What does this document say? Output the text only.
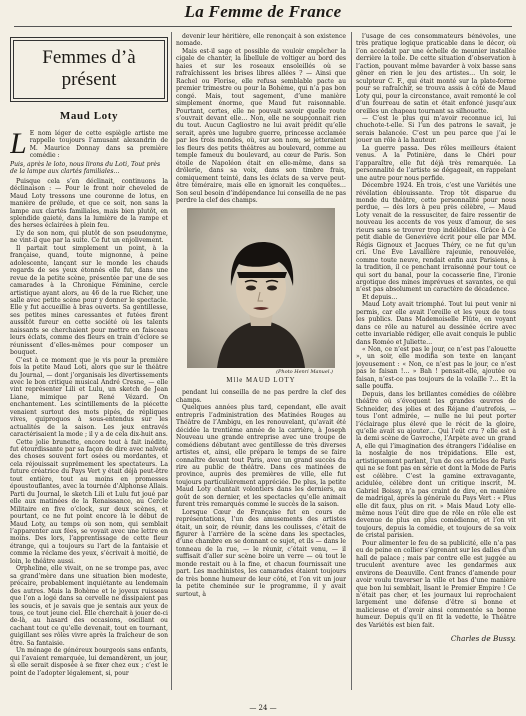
La Femme de France
Femmes d’à présent
Maud Loty

L E nom léger de cette espiègle artiste me rappelle toujours l’amusant alexandrin de M. Maurice Donnay dans sa première comédie :

Puis, après le loto, nous lirons du Loti, Tout près de la lampe aux clartés familiales…

Puisque cela s’en déclinait, continuons la déclinaison : — Pour le front noir cheveled de Maud Loty tressons une couronne de lotus, en manière de prélude, et que ce soit, non sans la lampe aux clartés familiales, mais bien plutôt, en splendide gaieté, dans la lumière de la rampe et des herses éclairées à plein feu.

L’y de son nom, qui plutôt de son pseudonyme, ne vint-il que par la suite. Ce fut un enjolivement.

Il partait tout simplement un point, à la française, quand, toute mignonne, à peine adolescente, lançant sur le monde les chauds regards de ses yeux étonnés elle fut, dans une revue de la petite scène, présentée par une de ses camarades à la Chronique Féminine, cercle artistique ayant alors, au 46 de la rue Richer, une salle avec petite scène pour y donner le spectacle. Elle y fut accueillie à bras ouverts. Sa gentillesse, ses petites mines caressantes et futées firent aussitôt fureur en cette société où les talents naissants se cherchaient pour mettre en faisceau leurs éclats, comme des fleurs en train d’éclore se réunissent d’elles-mêmes pour composer un bouquet.

C’est à ce moment que je vis pour la première fois la petite Maud Loti, alors que sur le théâtre du Journal, — dont j’organisais les divertissements avec le bon critique musical André Cresne, — elle vint représenter Lili et Lulu, un sketch de Jean Liane, mimique par René Vézard. On enchantement. Les scintillements de la piécette venaient surtout des mots pipés, de répliques vives, quiproquos à sous-entendus sur les actualités de la saison. Les jeux entravés caractérisaient la mode ; il y a de cela dix-huit ans.

Cette jolie brunette, encore tout à fait inédite, fut étourdissante par sa façon de dire avec naïveté des choses souvent fort osées ou mordantes, et cela réjouissait suprêmement les spectateurs. La future créatrice du Pays Vert y était déjà peut-être tout entière, tout au moins en promesses époustouflantes, avec la tournée d’Alphonse Allais. Parti du Journal, le sketch Lili et Lulu fut joué par elle aux matinées de la Renaissance, au Cercle Militaire en five o’clock, sur deux scènes, et pourtant, ce ne fut point encore là le début de Maud Loty, au temps où son nom, qui semblait l’apparenter aux fées, se voyait avec une lettre en moins. Des lors, l’apprentissage de cette fleur étrange, qui a toujours su l’art de la fantaisie et comme la réclame des yeux, s’écrivait à moitié, de loin, le théâtre aussi.

Orpheline, elle vivait, on ne se trompe pas, avec sa grand’mère dans une situation bien modeste, précaire, probablement inquiétante au lendemain des autres. Mais la Bohème et le joyeux ruisseau que l’on a logé dans sa cervelle ne dissipaient pas les soucis, et je savais que je sentais aux yeux de tous, ce tout jeune ciel. Elle cherchait à jouer de-ci de-là, au hasard des occasions, oscillant ou cachant tout ce qu’elle devenait, tout en tournant, guigillant ses rôles vivre après la fraîcheur de son être. Sa fantaisie.

Un ménage de généreux bourgeois sans enfants, qui l’avaient remarquée, lui demandèrent, un jour, si elle serait disposée à se fixer chez eux ; c’est le point de l’adopter légalement, si, pour

devenir leur héritière, elle renonçait à son existence nomade.

Mais est-il sage et possible de vouloir empêcher la cigale de chanter, la libellule de voltiger au bord des haies et sur les roseaux ensoleillés où se rafraîchissent les brises libres allées ? — Ainsi que Rachel ou Florise, elle refusa semblable pacte au premier trimestre ou pour la Bohème, qui n’a pas bon congé. Mais, tout sagement, d’une manière simplement énorme, que Maud fut raisonnable. Pourtant, certes, elle ne pouvait savoir quelle route s’ouvrait devant elle… Non, elle ne soupçonnait rien du tout. Aucun Cagliostro ne lui avait prédit qu’elle serait, après une lugubre guerre, princesse acclamée par les trois mondes, où, sur son nom, se jetteraient les fleurs des petits théâtres au boulevard, comme au temple fameux du boulevard, au cœur de Paris. Son étoile de Napoléon était en elle-même, dans sa drôlerie, dans sa voix, dans son timbre frais, comiquement teinté, dans les éclats de sa verve peut-être téméraire, mais elle en ignorait les conquêtes… Son seul besoin d’indépendance lui conseilla de ne pas perdre la clef des champs.

(Photo Henri Manuel.)
Mlle MAUD LOTY

pendant lui conseilla de ne pas perdre la clef des champs.

Quelques années plus tard, cependant, elle avait entrepris l’administration des Matinées Rouges au Théâtre de l’Ambigu, en les renouvelant, qu’avait été décidée la trentième année de la carrière, à Joseph Nouveau une grande entreprise avec une troupe de comédiens débutant avec gentillesse de très diverses artistes et, ainsi, elle prépara le temps de se faire connaître devant tout Paris, avec un grand succès du rire au public de théâtre. Dans ces matinées de province, auprès des premières de ville, elle fut toujours particulièrement appréciée. De plus, la petite Maud Loty chantait volontiers dans les derniers, au goût de son dernier, et les spectacles qu’elle animait furent très remarqués comme le succès de la saison.

Lorsque Cœur de Française fut en cours de représentations, l’un des amusements des artistes était, un soir, de réunir, dans les coulisses, c’était de figurer à l’arrière de la scène dans les spectacles, d’une chambre en se donnant ce sujet, et ils — dans le tonneau de la rue, — le réunir, c’était venu, — il suffisait d’aller sur scène boire un verre — où tout le monde restait ou à la fine, et chacun fournissait une part. Les machinistes, les camarades étaient toujours de très bonne humeur de leur côté, et l’on vit un jour la petite cheminée sur le programme, il y avait surtout, à

l’usage de ces consommateurs bénévoles, une très pratique logique praticable dans le décor, où l’on accédait par une échelle de meunier installée derrière la toile. De cette situation d’observation à l’action, pouvant même bavarder à voix basse sans gêner en rien le jeu des artistes… Un soir, le sculpteur C. F., qui était monté sur la plate-forme pour se rafraîchir, se trouva assis à côté de Maud Loty qui, pour la circonstance, avait remonté le col d’un fourreau de satin et était enfoncé jusqu’aux oreilles un chapeau tournant sa silhouette.

— C’est le plus qui m’avoir reconnue ici, lui chuchote-t-elle. Si l’un des patrons le savait, je serais balancée. C’est un peu parce que j’ai le jouer un rôle à la hauteur.

La guerre passa. Des rôles meilleurs étaient venus. A la Potinière, dans le Chéri pour l’apparaître, elle fut déjà très remarquée. La personnalité de l’artiste se dégageait, en rappelant une autre pour nous perfide.

Décembre 1924. En trois, c’est une Variétés une révélation éblouissante. Trop tôt disparue du monde du théâtre, cette personnalité pour nous perdue, — dès lors à peu près célèbre, — Maud Loty venait de la ressusciter, de faire ressentir de nouveau les accents de vos yeux d’amour, de ses rieurs sans se trouver trop indélébiles. Grâce à Ce petit diable de Genevièvе écrit pour elle par MM. Régis Gignoux et Jacques Théry, ce ne fut qu’un cri. Une Ève Lavallière rajeunie, renouvelée, comme toute neuve, rendait enfin aux Parisiens, à la tradition, il ce penchant irraisonné pour tout ce qui sort du banal, pour la cocasserie fine, l’ironie argotique des mines imprévues et savantes, ce qui n’est pas absolument un caractère de décadence.

Et depuis…

Maud Loty avait triomphé. Tout lui peut venir ni permis, car elle avait l’oreille et les yeux de tous les publics. Dans Mademoiselle Flûte, en voyant dans ce rôle au naturel au dessinée écrire avec cette invariable rédiger, elle avait conquis le public dans Roméo et Juliette…

« Non, ce n’est pas le jour, ce n’est pas l’alouette », un soir, elle modifia son texte en lançant joyeusement : « Non, ce n’est pas le jour, ce n’est pas le faisan !… » Bah ! pensait-elle, ajoutée ou faisan, n’est-ce pas toujours de la volaille ?… Et la salle pouffa.

Depuis, dans les brillantes comédies de célèbre théâtre où s’évoquent les grandes œuvres de Schneider, des jolies et des Réjane d’autrefois, — tous l’ont admirée, — nulle ne lui peut porter l’éclairage plus élevé que le récit de la gloire, qu’elle avait su ajouter… Qui l’eût cru ? elle est à la demi scène de Gavroche, l’Arpète avec un grand A, elle qui l’imagination des étrangers l’idéalise en la nostalgie de nos trépidations. Elle est, artistiquement parlant, l’un de ces articles de Paris qui ne se font pas en série et dont la Mode de Paris est célèbre. C’est la gamine extravagante, acidulée, célèbre dont un critique inscrit, M. Gabriel Boissy, n’a pas craint de dire, en manière de madrigal, après la générale du Pays Vert : « Plus elle dit faux, plus on rit. » Mais Maud Loty elle-même nous l’eût dire que de rôle en rôle elle est devenue de plus en plus comédienne, et l’on vit toujours, depuis la comédie, et toujours de sa voix de cristal parisien.

Pour alimenter le feu de sa publicité, elle n’a pas eu de peine en collier s’égrenant sur les dalles d’un hall de palace ; mais par contre elle est juggée au truculent aventure avec les gendarmes aux environs de Deauville. Cent francs d’amende pour avoir voulu traverser la ville et bas d’une manière que bon lui semblait, lisant le Premier Empire ! Ce n’était pas cher, et les journaux lui reprochaient largement une défense d’être si bonne et malicieuse et d’avoir ainsi commentée sa bonne humeur. Depuis qu’il en fit la vedette, le Théâtre des Variétés est bien fait.

Charles de Bussy.
— 24 —
